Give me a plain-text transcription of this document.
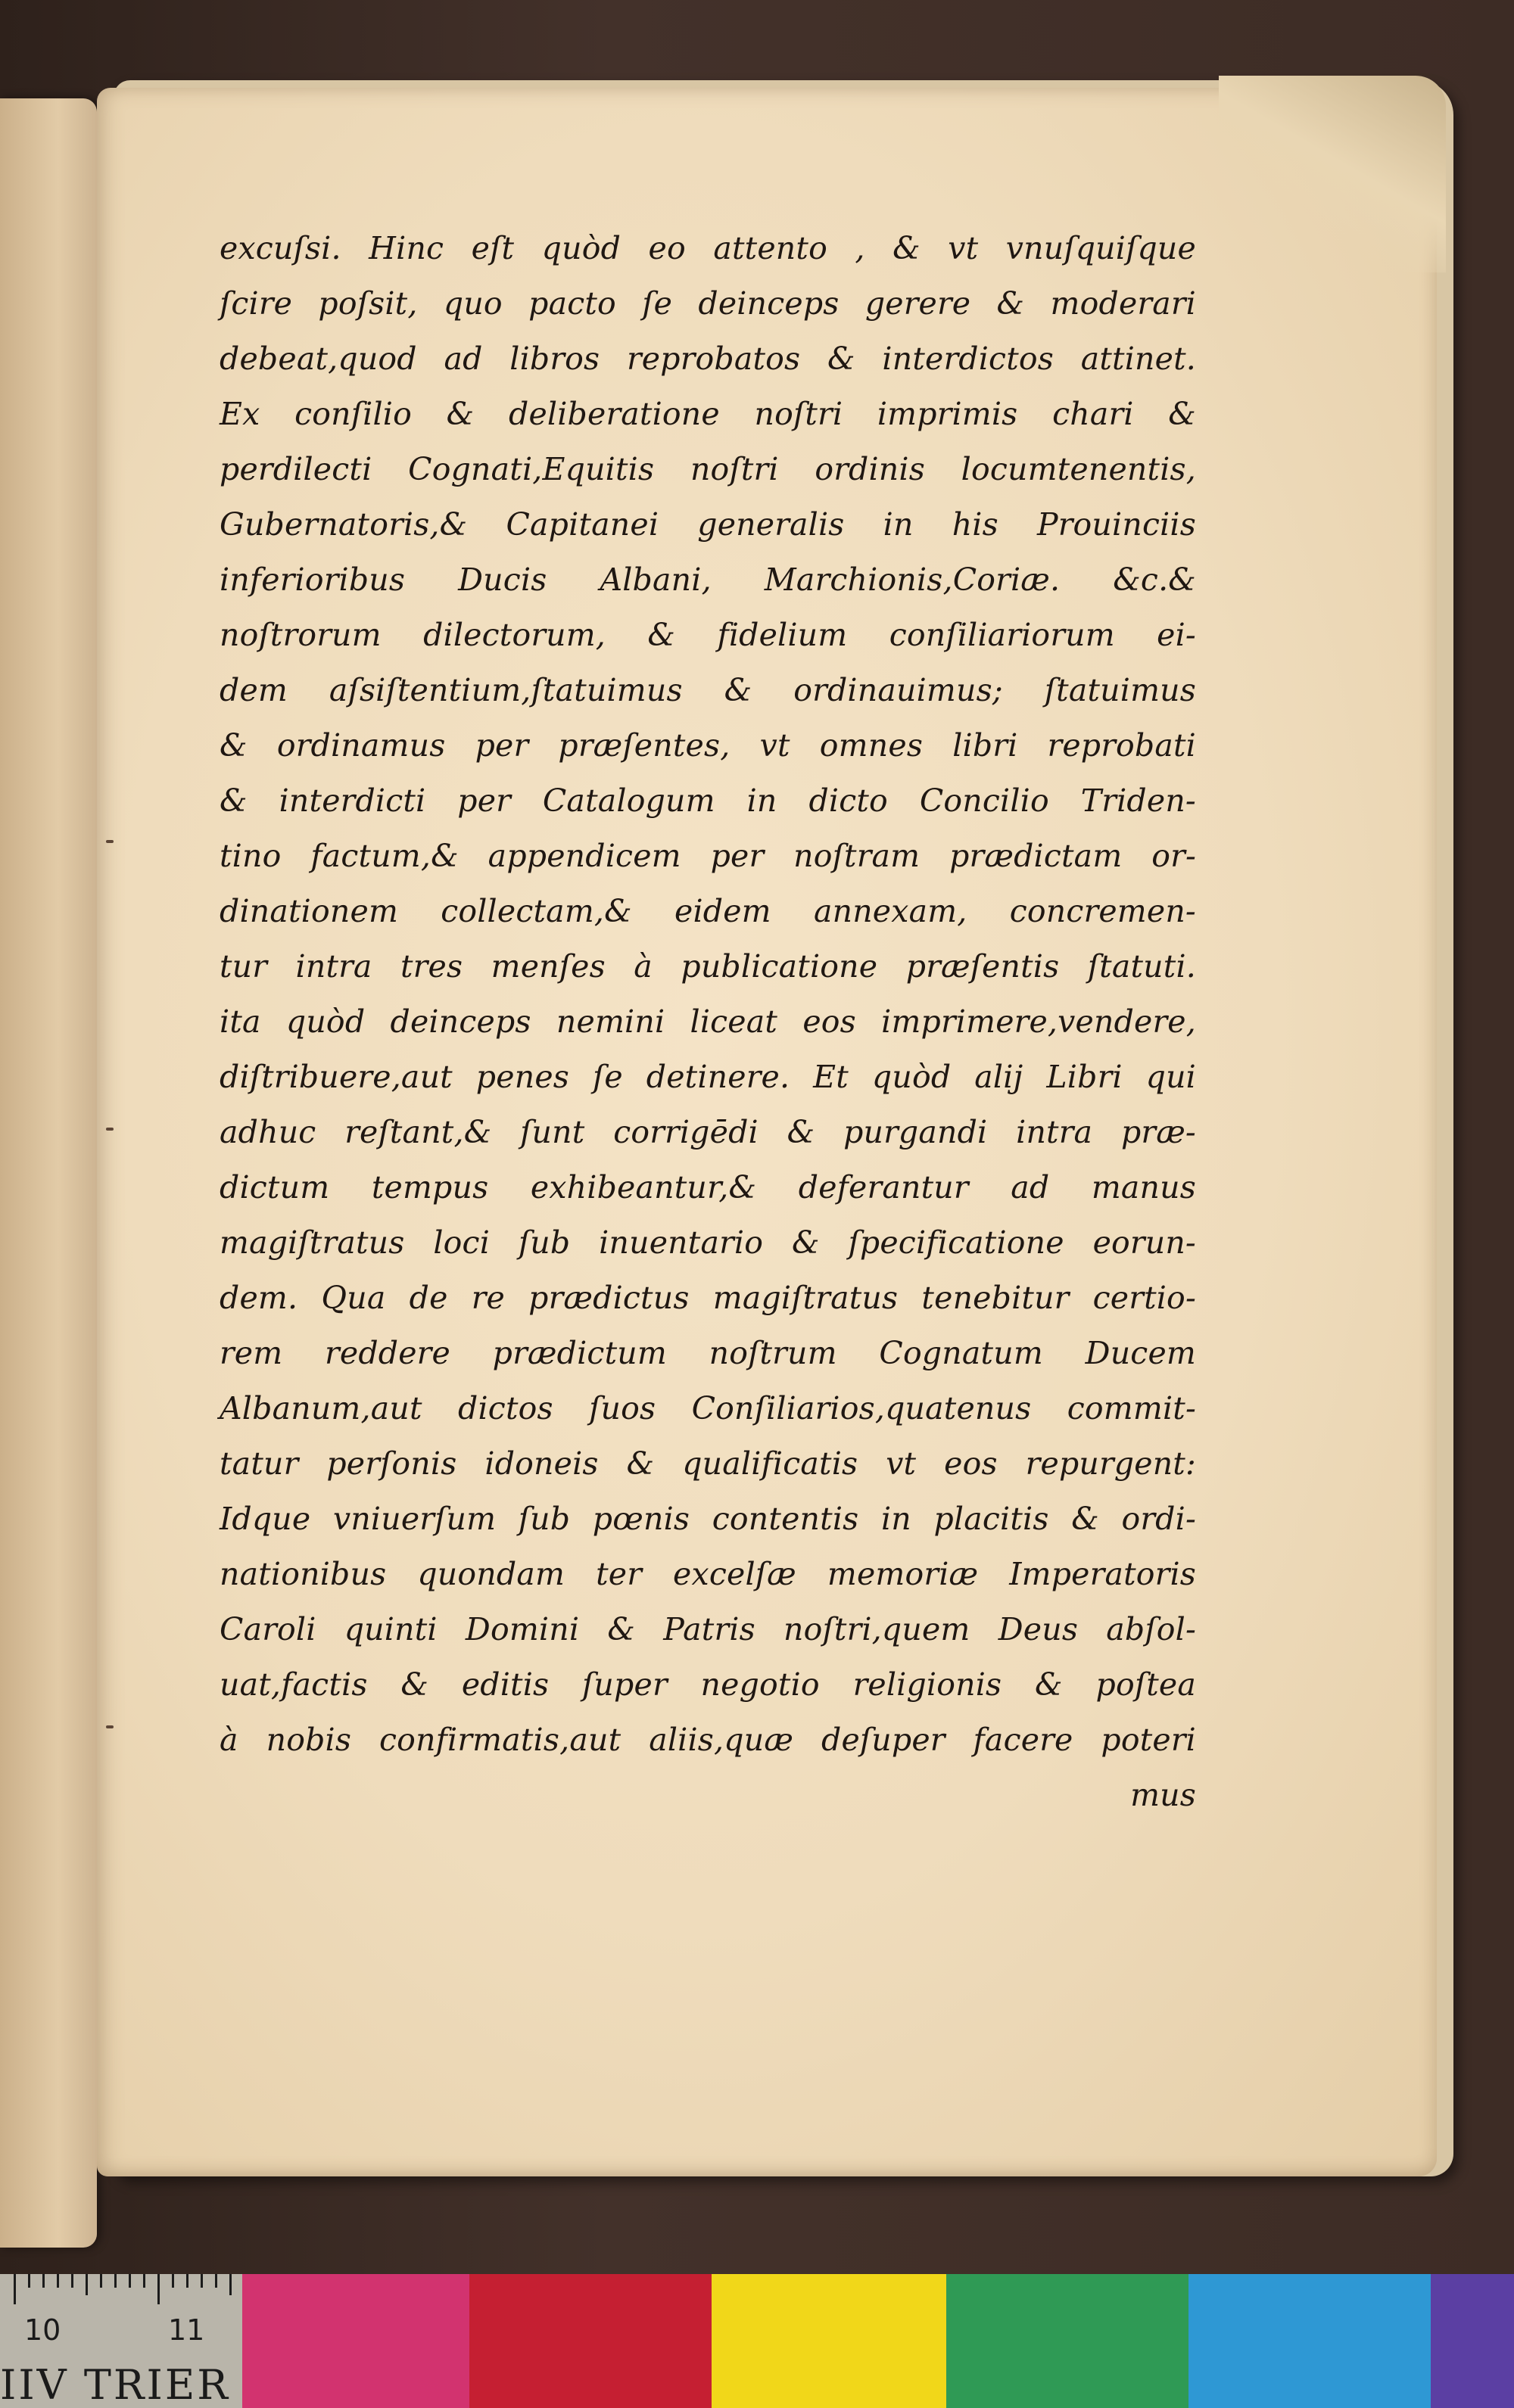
excuſsi. Hinc eſt quòd eo attento , & vt vnuſquiſque
ſcire poſsit, quo pacto ſe deinceps gerere & moderari
debeat,quod ad libros reprobatos & interdictos attinet.
Ex conſilio & deliberatione noſtri imprimis chari &
perdilecti Cognati,Equitis noſtri ordinis locumtenentis,
Gubernatoris,& Capitanei generalis in his Prouinciis
inferioribus Ducis Albani, Marchionis,Coriæ. &c.&
noſtrorum dilectorum, & fidelium conſiliariorum ei-
dem aſsiſtentium,ſtatuimus & ordinauimus; ſtatuimus
& ordinamus per præſentes, vt omnes libri reprobati
& interdicti per Catalogum in dicto Concilio Triden-
tino factum,& appendicem per noſtram prædictam or-
dinationem collectam,& eidem annexam, concremen-
tur intra tres menſes à publicatione præſentis ſtatuti.
ita quòd deinceps nemini liceat eos imprimere,vendere,
diſtribuere,aut penes ſe detinere. Et quòd alij Libri qui
adhuc reſtant,& ſunt corrigēdi & purgandi intra præ-
dictum tempus exhibeantur,& deferantur ad manus
magiſtratus loci ſub inuentario & ſpecificatione eorun-
dem. Qua de re prædictus magiſtratus tenebitur certio-
rem reddere prædictum noſtrum Cognatum Ducem
Albanum,aut dictos ſuos Conſiliarios,quatenus commit-
tatur perſonis idoneis & qualificatis vt eos repurgent:
Idque vniuerſum ſub pœnis contentis in placitis & ordi-
nationibus quondam ter excelſæ memoriæ Imperatoris
Caroli quinti Domini & Patris noſtri,quem Deus abſol-
uat,factis & editis ſuper negotio religionis & poſtea
à nobis confirmatis,aut aliis,quæ deſuper facere poteri
mus
10	11
IIV TRIER
